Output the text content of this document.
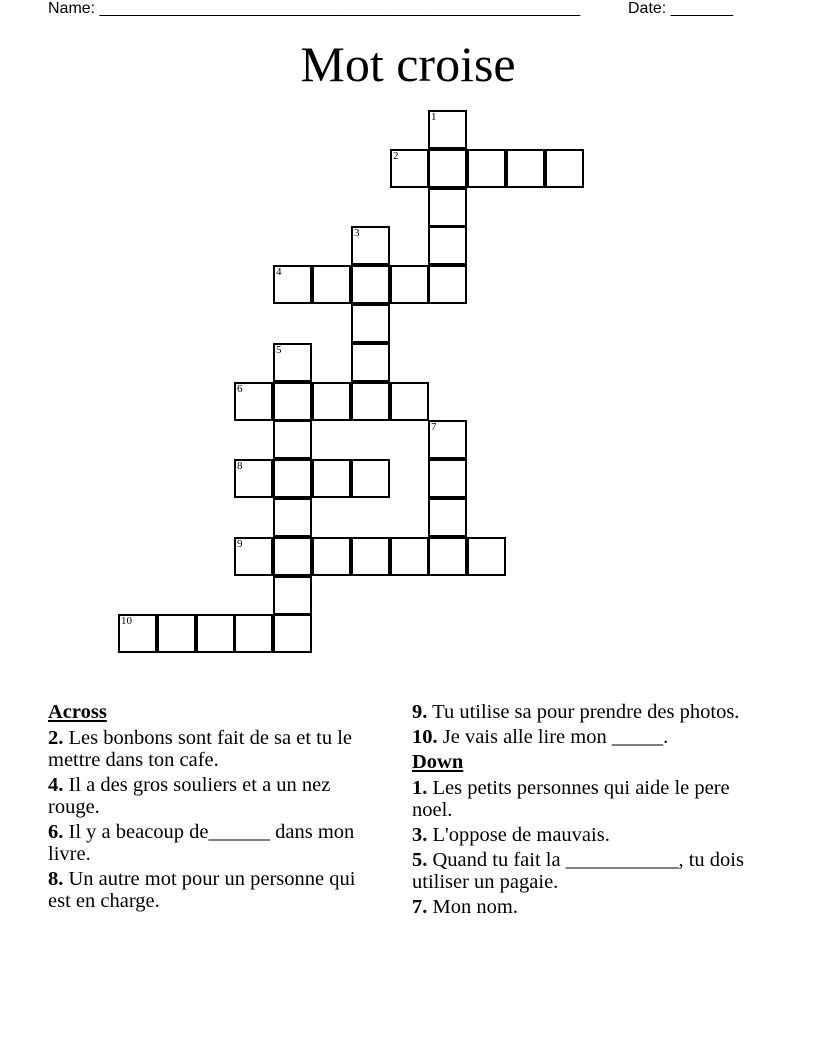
Name: ______________________________________________________	Date: _______
Mot croise
1
2
3
4
5
6
7
8
9
10
Across
2. Les bonbons sont fait de sa et tu le mettre dans ton cafe.
4. Il a des gros souliers et a un nez rouge.
6. Il y a beacoup de______ dans mon livre.
8. Un autre mot pour un personne qui est en charge.
9. Tu utilise sa pour prendre des photos.
10. Je vais alle lire mon _____.
Down
1. Les petits personnes qui aide le pere noel.
3. L'oppose de mauvais.
5. Quand tu fait la ___________, tu dois utiliser un pagaie.
7. Mon nom.
